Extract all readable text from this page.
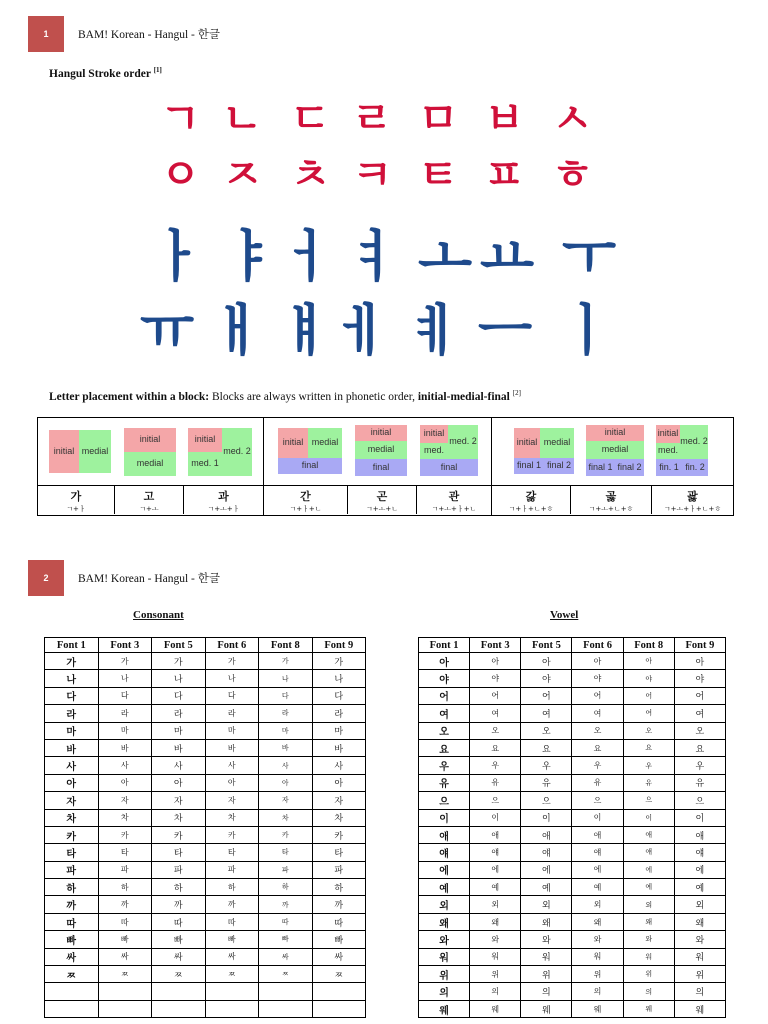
1	BAM! Korean - Hangul - 한글
Hangul Stroke order [1]
ㄱ ㄴ ㄷ ㄹ ㅁ ㅂ ㅅ
ㅇ ㅈ ㅊ ㅋ ㅌ ㅍ ㅎ
ㅏ ㅑ ㅓ ㅕ ㅗ ㅛ ㅜ
ㅠ ㅐ ㅒ ㅔ ㅖ ㅡ ㅣ
Letter placement within a block: Blocks are always written in phonetic order, initial-medial-final [2]
initial medial
initial
medial
initial
med. 1
med. 2
가
ㄱ+ㅏ
고
ㄱ+ㅗ
과
ㄱ+ㅗ+ㅏ
initial medial
final
initial
medial
final
initial
med.
med. 2
final
간
ㄱ+ㅏ+ㄴ
곤
ㄱ+ㅗ+ㄴ
관
ㄱ+ㅗ+ㅏ+ㄴ
initial medial
final 1 final 2
initial
medial
final 1 final 2
initial
med.
med. 2
fin. 1 fin. 2
갏
ㄱ+ㅏ+ㄴ+ㅎ
곯
ㄱ+ㅗ+ㄴ+ㅎ
괋
ㄱ+ㅗ+ㅏ+ㄴ+ㅎ
2	BAM! Korean - Hangul - 한글
Consonant	Vowel
Font 1	Font 3	Font 5	Font 6	Font 8	Font 9
가	가	가	가	가	가
나	나	나	나	나	나
다	다	다	다	다	다
라	라	라	라	라	라
마	마	마	마	마	마
바	바	바	바	바	바
사	사	사	사	사	사
아	아	아	아	아	아
자	자	자	자	자	자
차	차	차	차	차	차
카	카	카	카	카	카
타	타	타	타	타	타
파	파	파	파	파	파
하	하	하	하	하	하
까	까	까	까	까	까
따	따	따	따	따	따
빠	빠	빠	빠	빠	빠
싸	싸	싸	싸	싸	싸
ㅉ	ㅉ	ㅉ	ㅉ	ㅉ	ㅉ

Font 1	Font 3	Font 5	Font 6	Font 8	Font 9
아	아	아	아	아	아
야	야	야	야	야	야
어	어	어	어	어	어
여	여	여	여	여	여
오	오	오	오	오	오
요	요	요	요	요	요
우	우	우	우	우	우
유	유	유	유	유	유
으	으	으	으	으	으
이	이	이	이	이	이
애	애	애	애	애	애
얘	얘	얘	얘	얘	얘
에	에	에	에	에	에
예	예	예	예	예	예
외	외	외	외	외	외
왜	왜	왜	왜	왜	왜
와	와	와	와	와	와
워	워	워	워	워	워
위	위	위	위	위	위
의	의	의	의	의	의
웨	웨	웨	웨	웨	웨
